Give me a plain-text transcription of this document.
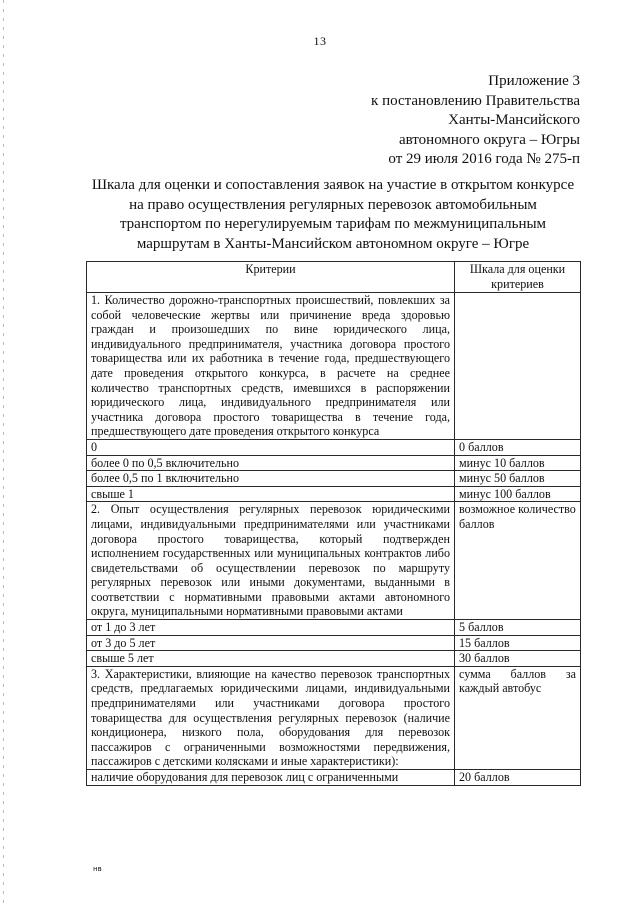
13
Приложение 3
к постановлению Правительства
Ханты-Мансийского
автономного округа – Югры
от 29 июля 2016 года № 275-п
Шкала для оценки и сопоставления заявок на участие в открытом конкурсе
на право осуществления регулярных перевозок автомобильным
транспортом по нерегулируемым тарифам по межмуниципальным
маршрутам в Ханты-Мансийском автономном округе – Югре
Критерии	Шкала для оценки критериев
1. Количество дорожно-транспортных происшествий, повлекших за собой человеческие жертвы или причинение вреда здоровью граждан и произошедших по вине юридического лица, индивидуального предпринимателя, участника договора простого товарищества или их работника в течение года, предшествующего дате проведения открытого конкурса, в расчете на среднее количество транспортных средств, имевшихся в распоряжении юридического лица, индивидуального предпринимателя или участника договора простого товарищества в течение года, предшествующего дате проведения открытого конкурса	
0	0 баллов
более 0 по 0,5 включительно	минус 10 баллов
более 0,5 по 1 включительно	минус 50 баллов
свыше 1	минус 100 баллов
2. Опыт осуществления регулярных перевозок юридическими лицами, индивидуальными предпринимателями или участниками договора простого товарищества, который подтвержден исполнением государственных или муниципальных контрактов либо свидетельствами об осуществлении перевозок по маршруту регулярных перевозок или иными документами, выданными в соответствии с нормативными правовыми актами автономного округа, муниципальными нормативными правовыми актами	возможное количество баллов
от 1 до 3 лет	5 баллов
от 3 до 5 лет	15 баллов
свыше 5 лет	30 баллов
3. Характеристики, влияющие на качество перевозок транспортных средств, предлагаемых юридическими лицами, индивидуальными предпринимателями или участниками договора простого товарищества для осуществления регулярных перевозок (наличие кондиционера, низкого пола, оборудования для перевозок пассажиров с ограниченными возможностями передвижения, пассажиров с детскими колясками и иные характеристики):	сумма баллов за каждый автобус
наличие оборудования для перевозок лиц с ограниченными	20 баллов
нв
